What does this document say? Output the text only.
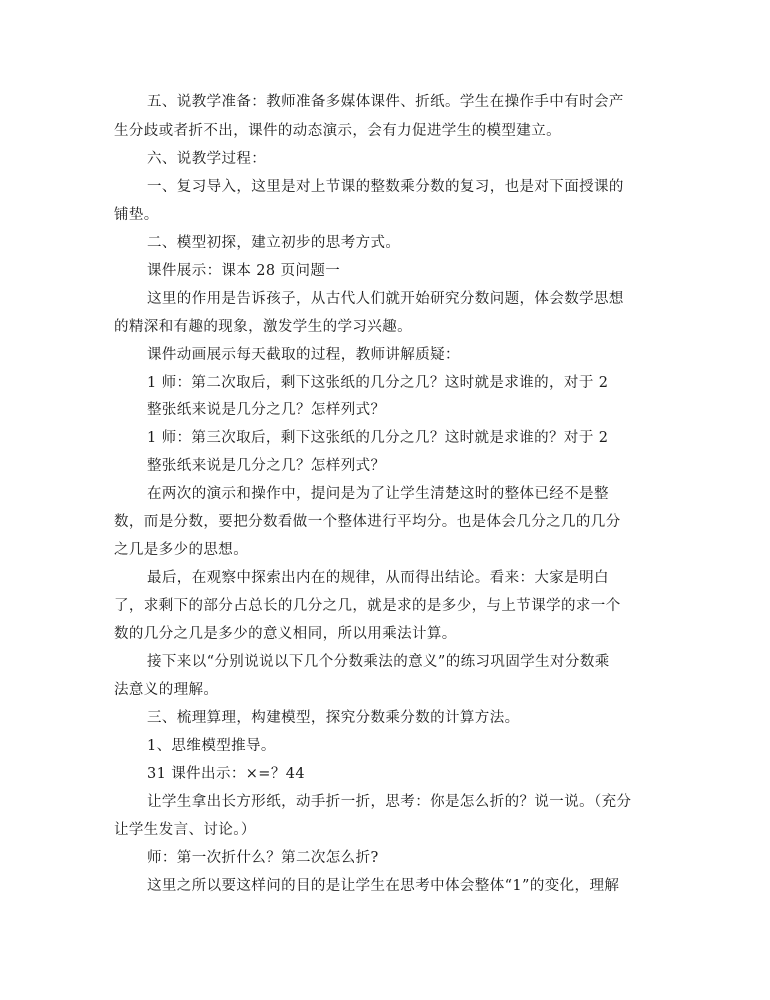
五、说教学准备：教师准备多媒体课件、折纸。学生在操作手中有时会产
生分歧或者折不出，课件的动态演示，会有力促进学生的模型建立。
六、说教学过程：
一、复习导入，这里是对上节课的整数乘分数的复习，也是对下面授课的
铺垫。
二、模型初探，建立初步的思考方式。
课件展示：课本 28 页问题一
这里的作用是告诉孩子，从古代人们就开始研究分数问题，体会数学思想
的精深和有趣的现象，激发学生的学习兴趣。
课件动画展示每天截取的过程，教师讲解质疑：
1 师：第二次取后，剩下这张纸的几分之几？这时就是求谁的，对于 2
整张纸来说是几分之几？怎样列式？
1 师：第三次取后，剩下这张纸的几分之几？这时就是求谁的？对于 2
整张纸来说是几分之几？怎样列式？
在两次的演示和操作中，提问是为了让学生清楚这时的整体已经不是整
数，而是分数，要把分数看做一个整体进行平均分。也是体会几分之几的几分
之几是多少的思想。
最后，在观察中探索出内在的规律，从而得出结论。看来：大家是明白
了，求剩下的部分占总长的几分之几，就是求的是多少，与上节课学的求一个
数的几分之几是多少的意义相同，所以用乘法计算。
接下来以“分别说说以下几个分数乘法的意义”的练习巩固学生对分数乘
法意义的理解。
三、梳理算理，构建模型，探究分数乘分数的计算方法。
1、思维模型推导。
31 课件出示：×=？44
让学生拿出长方形纸，动手折一折，思考：你是怎么折的？说一说。（充分
让学生发言、讨论。）
师：第一次折什么？第二次怎么折?
这里之所以要这样问的目的是让学生在思考中体会整体“1”的变化，理解
